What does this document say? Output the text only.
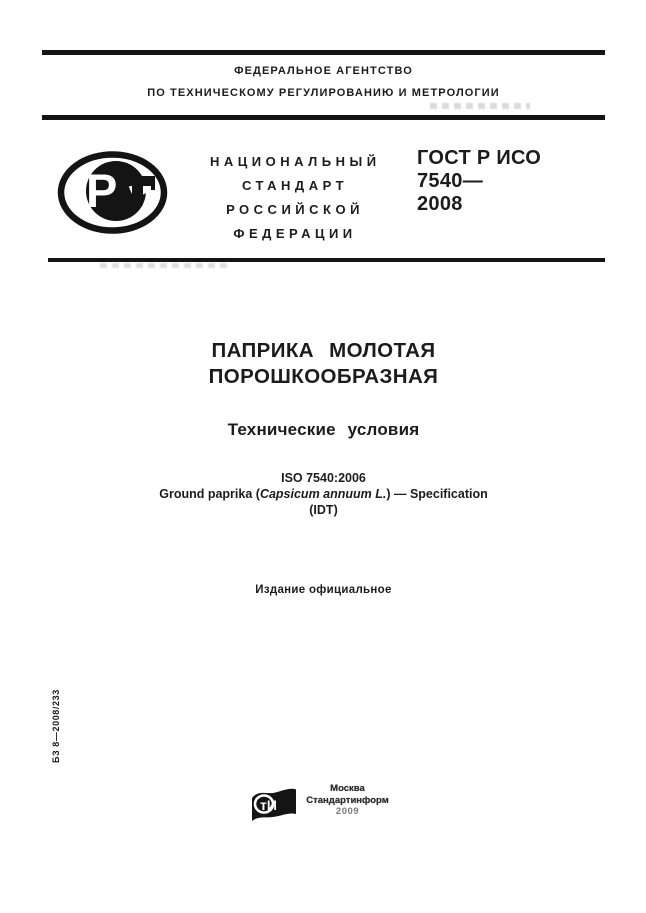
ФЕДЕРАЛЬНОЕ АГЕНТСТВО
ПО ТЕХНИЧЕСКОМУ РЕГУЛИРОВАНИЮ И МЕТРОЛОГИИ
Р
НАЦИОНАЛЬНЫЙ
СТАНДАРТ
РОССИЙСКОЙ
ФЕДЕРАЦИИ
ГОСТ Р ИСО
7540—
2008
ПАПРИКА МОЛОТАЯ
ПОРОШКООБРАЗНАЯ
Технические условия
ISO 7540:2006
Ground paprika (Capsicum annuum L.) — Specification
(IDT)
Издание официальное
БЗ 8—2008/233
тИ
Москва
Стандартинформ
2009
